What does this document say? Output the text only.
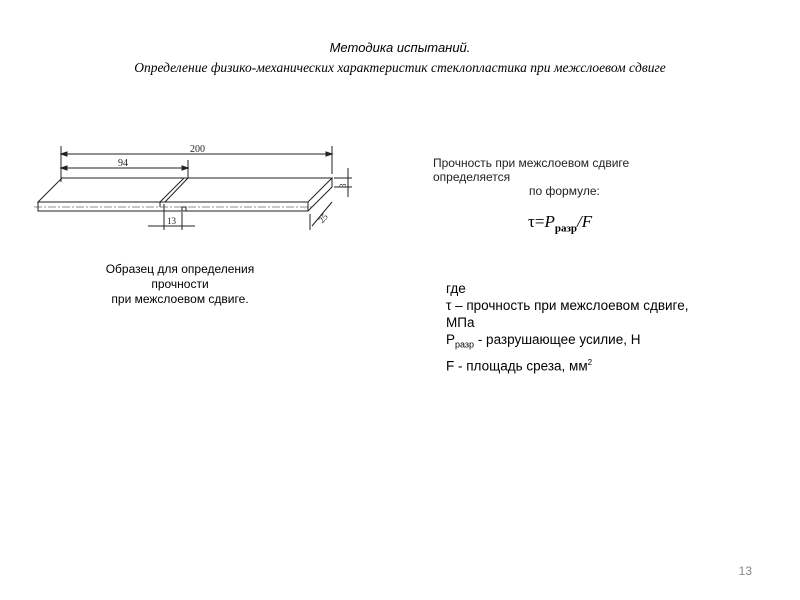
Методика испытаний.
Определение физико-механических характеристик стеклопластика при межслоевом сдвиге
200
94
3
25
13
Образец для определения
прочности
при межслоевом сдвиге.
Прочность при межслоевом сдвиге
определяется

по формуле:
$\tau=P_{разр}/F$
где
τ – прочность при межслоевом сдвиге,
МПа
$P_{разр}$ - разрушающее усилие, Н
F - площадь среза, $мм^2$
13
